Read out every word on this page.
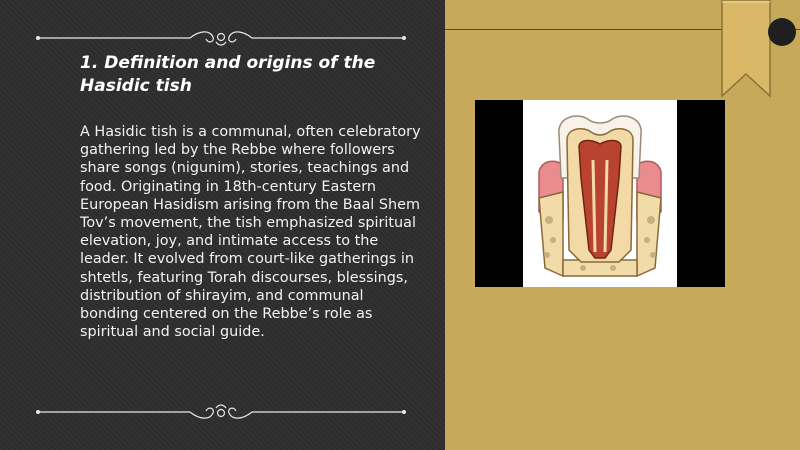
1. Definition and origins of the Hasidic tish

A Hasidic tish is a communal, often celebratory gathering led by the Rebbe where followers share songs (nigunim), stories, teachings and food. Originating in 18th-century Eastern European Hasidism arising from the Baal Shem Tov’s movement, the tish emphasized spiritual elevation, joy, and intimate access to the leader. It evolved from court-like gatherings in shtetls, featuring Torah discourses, blessings, distribution of shirayim, and communal bonding centered on the Rebbe’s role as spiritual and social guide.
